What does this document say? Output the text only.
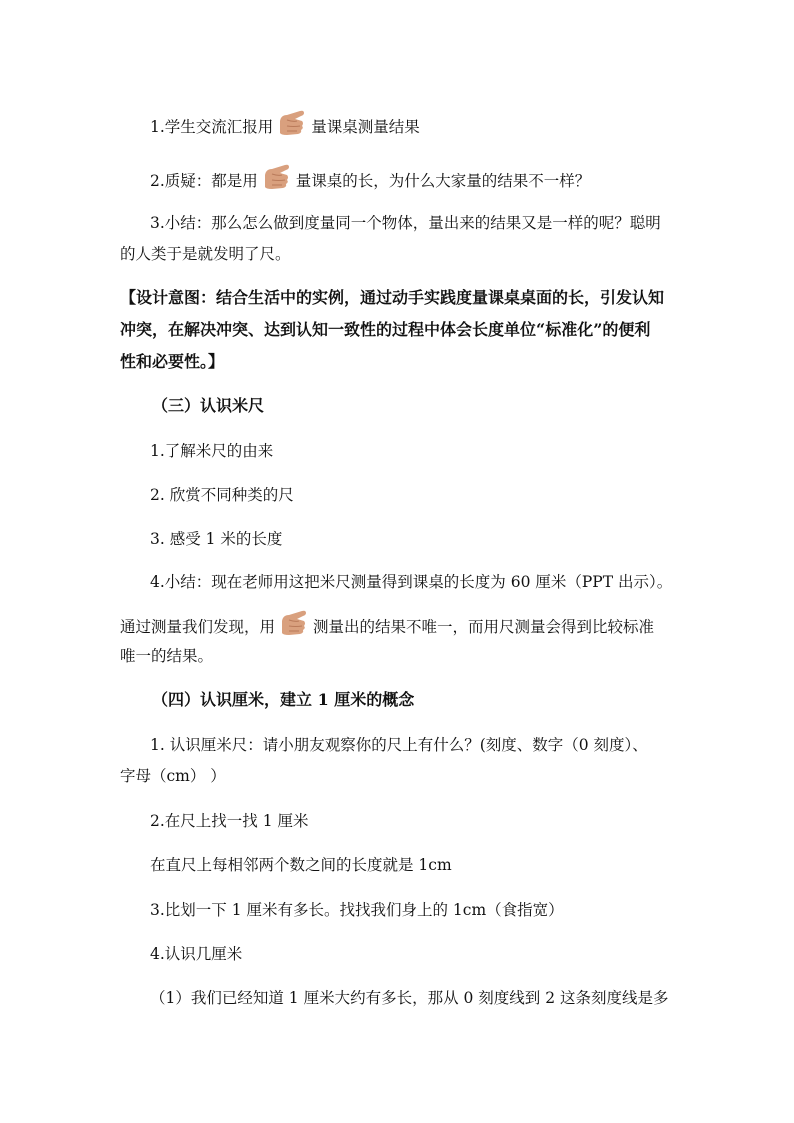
1.学生交流汇报用 量课桌测量结果
2.质疑：都是用 量课桌的长，为什么大家量的结果不一样？
3.小结：那么怎么做到度量同一个物体，量出来的结果又是一样的呢？聪明
的人类于是就发明了尺。
【设计意图：结合生活中的实例，通过动手实践度量课桌桌面的长，引发认知
冲突，在解决冲突、达到认知一致性的过程中体会长度单位“标准化”的便利
性和必要性。】
（三）认识米尺
1.了解米尺的由来
2. 欣赏不同种类的尺
3. 感受 1 米的长度
4.小结：现在老师用这把米尺测量得到课桌的长度为 60 厘米（PPT 出示）。
通过测量我们发现，用 测量出的结果不唯一，而用尺测量会得到比较标准
唯一的结果。
（四）认识厘米，建立 1 厘米的概念
1. 认识厘米尺：请小朋友观察你的尺上有什么？(刻度、数字（0 刻度）、
字母（cm） ）
2.在尺上找一找 1 厘米
在直尺上每相邻两个数之间的长度就是 1cm
3.比划一下 1 厘米有多长。找找我们身上的 1cm（食指宽）
4.认识几厘米
（1）我们已经知道 1 厘米大约有多长，那从 0 刻度线到 2 这条刻度线是多
